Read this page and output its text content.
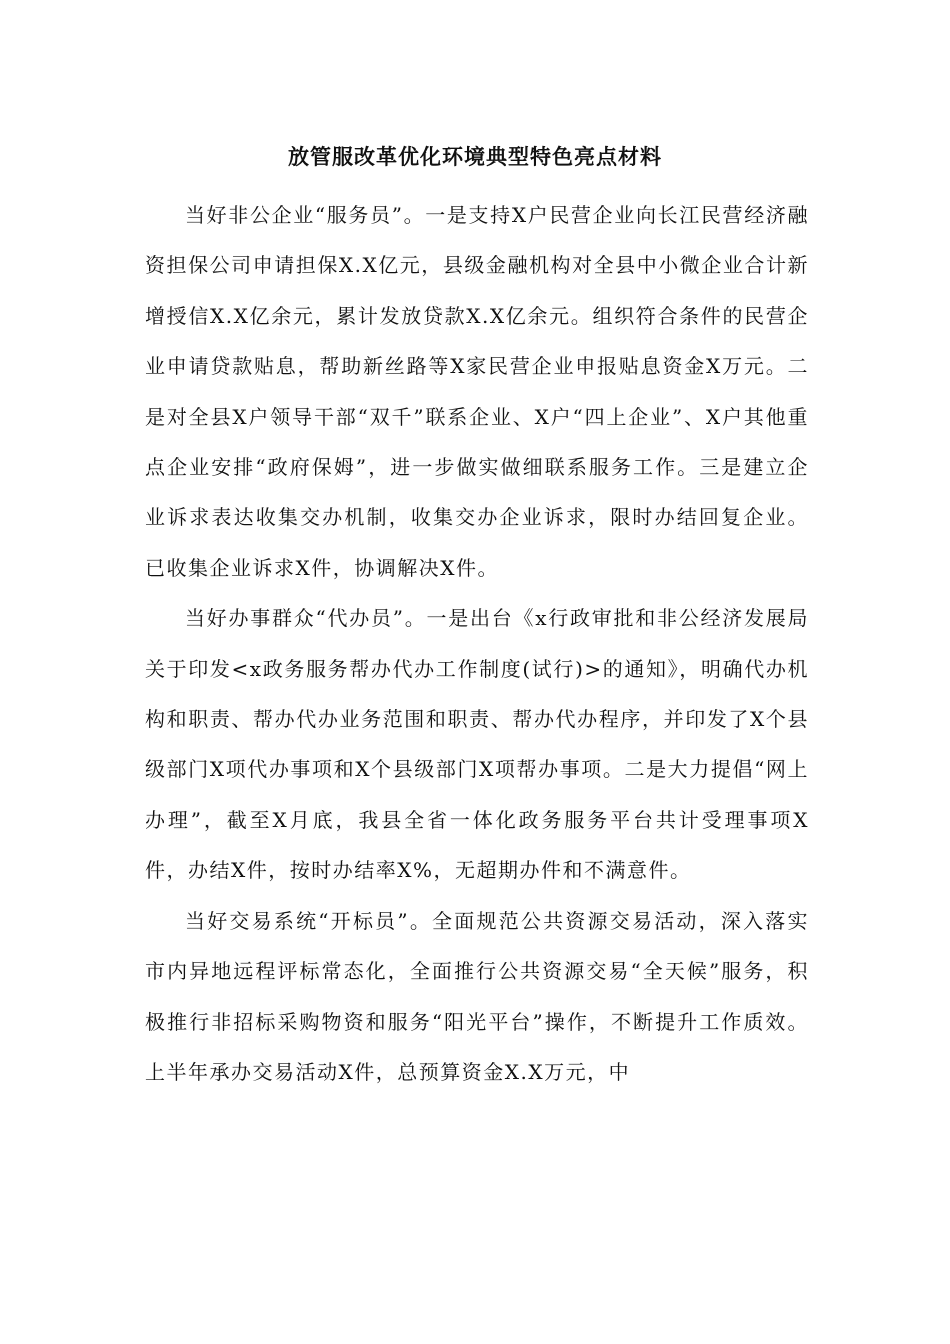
放管服改革优化环境典型特色亮点材料

当好非公企业“服务员”。一是支持X户民营企业向长江民营经济融资担保公司申请担保X.X亿元，县级金融机构对全县中小微企业合计新增授信X.X亿余元，累计发放贷款X.X亿余元。组织符合条件的民营企业申请贷款贴息，帮助新丝路等X家民营企业申报贴息资金X万元。二是对全县X户领导干部“双千”联系企业、X户“四上企业”、X户其他重点企业安排“政府保姆”，进一步做实做细联系服务工作。三是建立企业诉求表达收集交办机制，收集交办企业诉求，限时办结回复企业。已收集企业诉求X件，协调解决X件。

当好办事群众“代办员”。一是出台《x行政审批和非公经济发展局关于印发<x政务服务帮办代办工作制度(试行)>的通知》，明确代办机构和职责、帮办代办业务范围和职责、帮办代办程序，并印发了X个县级部门X项代办事项和X个县级部门X项帮办事项。二是大力提倡“网上办理”，截至X月底，我县全省一体化政务服务平台共计受理事项X件，办结X件，按时办结率X%，无超期办件和不满意件。

当好交易系统“开标员”。全面规范公共资源交易活动，深入落实市内异地远程评标常态化，全面推行公共资源交易“全天候”服务，积极推行非招标采购物资和服务“阳光平台”操作，不断提升工作质效。上半年承办交易活动X件，总预算资金X.X万元，中
